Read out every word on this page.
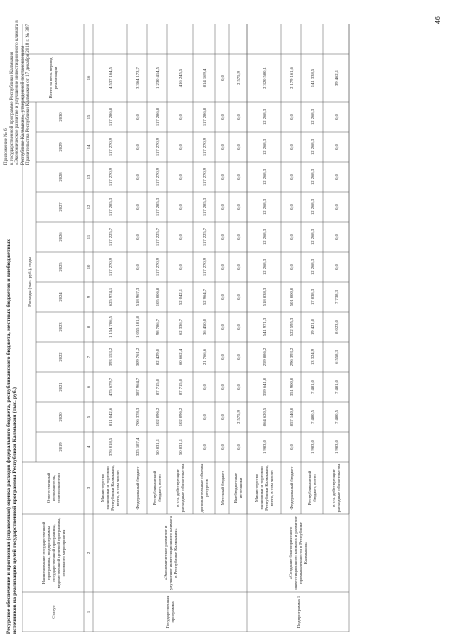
Ресурсное обеспечение и прогнозная (справочная) оценка расходов федерального бюджета, республиканского бюджета, местных бюджетов и внебюджетных источников на реализацию целей государственной программы Республики Калмыкия (тыс. руб.)
Приложение № 6 к государственной программе Республики Калмыкия «Экономическое развитие и улучшение инвестиционного климата в Республике Калмыкия», утвержденной постановлением Правительства Республики Калмыкия от 17 декабря 2018 г. № 387
Статус
Наименование государственной программы, подпрограммы государственной программы, ведомственной целевой программы, основного мероприятия
Ответственный исполнитель, соисполнители
Расходы (тыс. руб.), годы
2019
2020
2021
2022
2023
2024
2025
2026
2027
2028
2029
2030
Всего за весь период реализации
1
2
3
4
5
6
7
8
9
10
11
12
13
14
15
16
Государственная программа
«Экономическое развитие и улучшение инвестиционного климата в Республике Калмыкия»
Министерство экономики и торговли Республики Калмыкия, всего, в том числе:
376 018,5
811 042,6
475 679,7
393 153,2
1 154 706,5
625 974,1
117 270,9
117 225,7
117 285,3
117 270,9
117 270,9
117 286,8
4 537 164,5
Федеральный бюджет
325 187,4
706 378,3
387 964,7
309 761,2
1 055 101,8
518 967,3
0,0
0,0
0,0
0,0
0,0
0,0
3 364 173,7
Республиканский бюджет, всего
50 831,1
102 096,2
87 715,0
82 429,0
98 786,7
105 006,8
117 270,9
117 225,7
117 285,3
117 270,9
117 270,9
117 286,8
1 230 414,5
в т.ч. действующие расходные обязательства
50 831,1
102 096,2
87 715,0
60 662,4
62 336,7
52 042,1
0,0
0,0
0,0
0,0
0,0
0,0
416 245,5
дополнительные объемы ресурсов
0,0
0,0
0,0
21 766,6
36 450,0
52 964,7
117 270,9
117 225,7
117 285,3
117 270,9
117 270,9
117 286,8
814 169,4
Местный бюджет
0,0
0,0
0,0
0,0
0,0
0,0
0,0
0,0
0,0
0,0
0,0
0,0
0,0
Внебюджетные источники
0,0
2 575,9
0,0
0,0
0,0
0,0
0,0
0,0
0,0
0,0
0,0
0,0
2 575,9
Подпрограмма 1
«Создание благоприятного инвестиционного климата и развитие промышленности в Республике Калмыкия»
Министерство экономики и торговли Республики Калмыкия, всего, в том числе:
1 983,0
864 620,5
359 641,0
259 886,2
541 971,3
518 838,3
12 268,3
12 268,3
12 268,3
12 268,3
12 268,3
12 268,3
2 320 580,1
Федеральный бюджет
0,0
857 140,0
351 900,0
296 393,2
522 595,3
501 000,0
0,0
0,0
0,0
0,0
0,0
0,0
2 179 161,6
Республиканский бюджет, всего
1 983,0
7 480,5
7 481,0
13 324,9
19 421,0
17 838,3
12 268,3
12 268,3
12 268,3
12 268,3
12 268,3
12 268,3
141 338,5
в т.ч. действующие расходные обязательства
1 983,0
7 480,5
7 481,0
6 558,3
8 023,0
7 738,3
0,0
0,0
0,0
0,0
0,0
0,0
39 462,1
46
